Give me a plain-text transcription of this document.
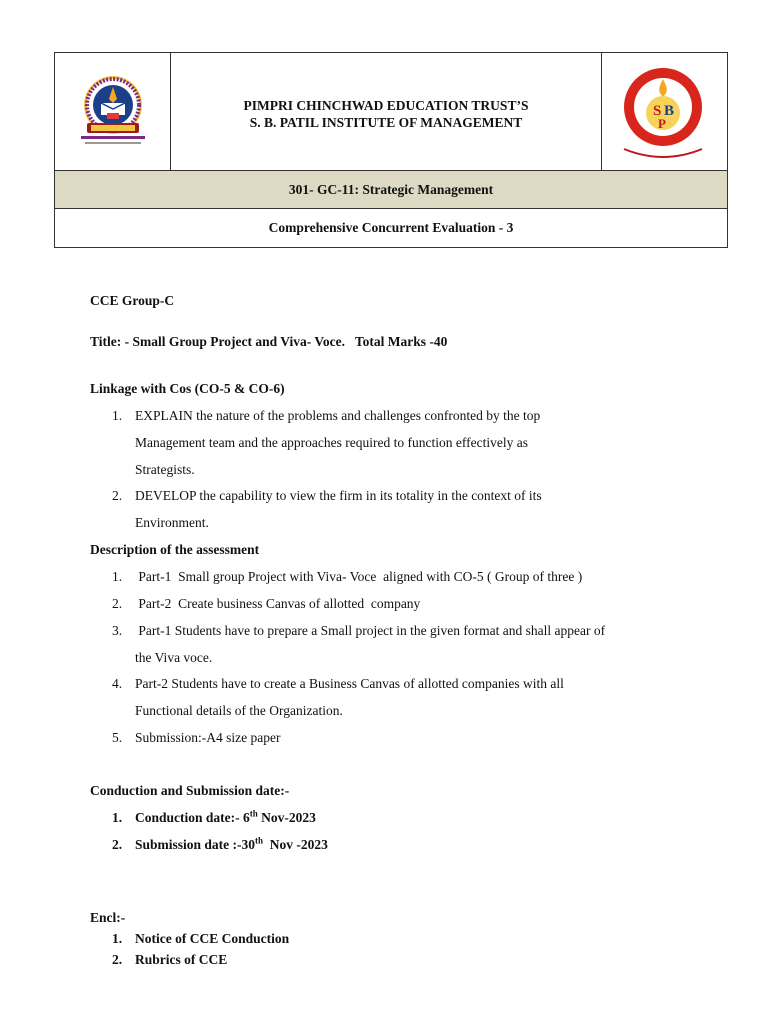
PIMPRI CHINCHWAD EDUCATION TRUST’S
S. B. PATIL INSTITUTE OF MANAGEMENT
S B
P
301- GC-11: Strategic Management
Comprehensive Concurrent Evaluation - 3
CCE Group-C
Title: - Small Group Project and Viva- Voce.   Total Marks -40
Linkage with Cos (CO-5 & CO-6)
1. EXPLAIN the nature of the problems and challenges confronted by the top
Management team and the approaches required to function effectively as
Strategists.
2. DEVELOP the capability to view the firm in its totality in the context of its
Environment.
Description of the assessment
1. Part-1  Small group Project with Viva- Voce  aligned with CO-5 ( Group of three )
2. Part-2  Create business Canvas of allotted  company
3. Part-1 Students have to prepare a Small project in the given format and shall appear of
the Viva voce.
4. Part-2 Students have to create a Business Canvas of allotted companies with all
Functional details of the Organization.
5. Submission:-A4 size paper
Conduction and Submission date:-
1. Conduction date:- 6th Nov-2023
2. Submission date :-30th  Nov -2023
Encl:-
1. Notice of CCE Conduction
2. Rubrics of CCE
